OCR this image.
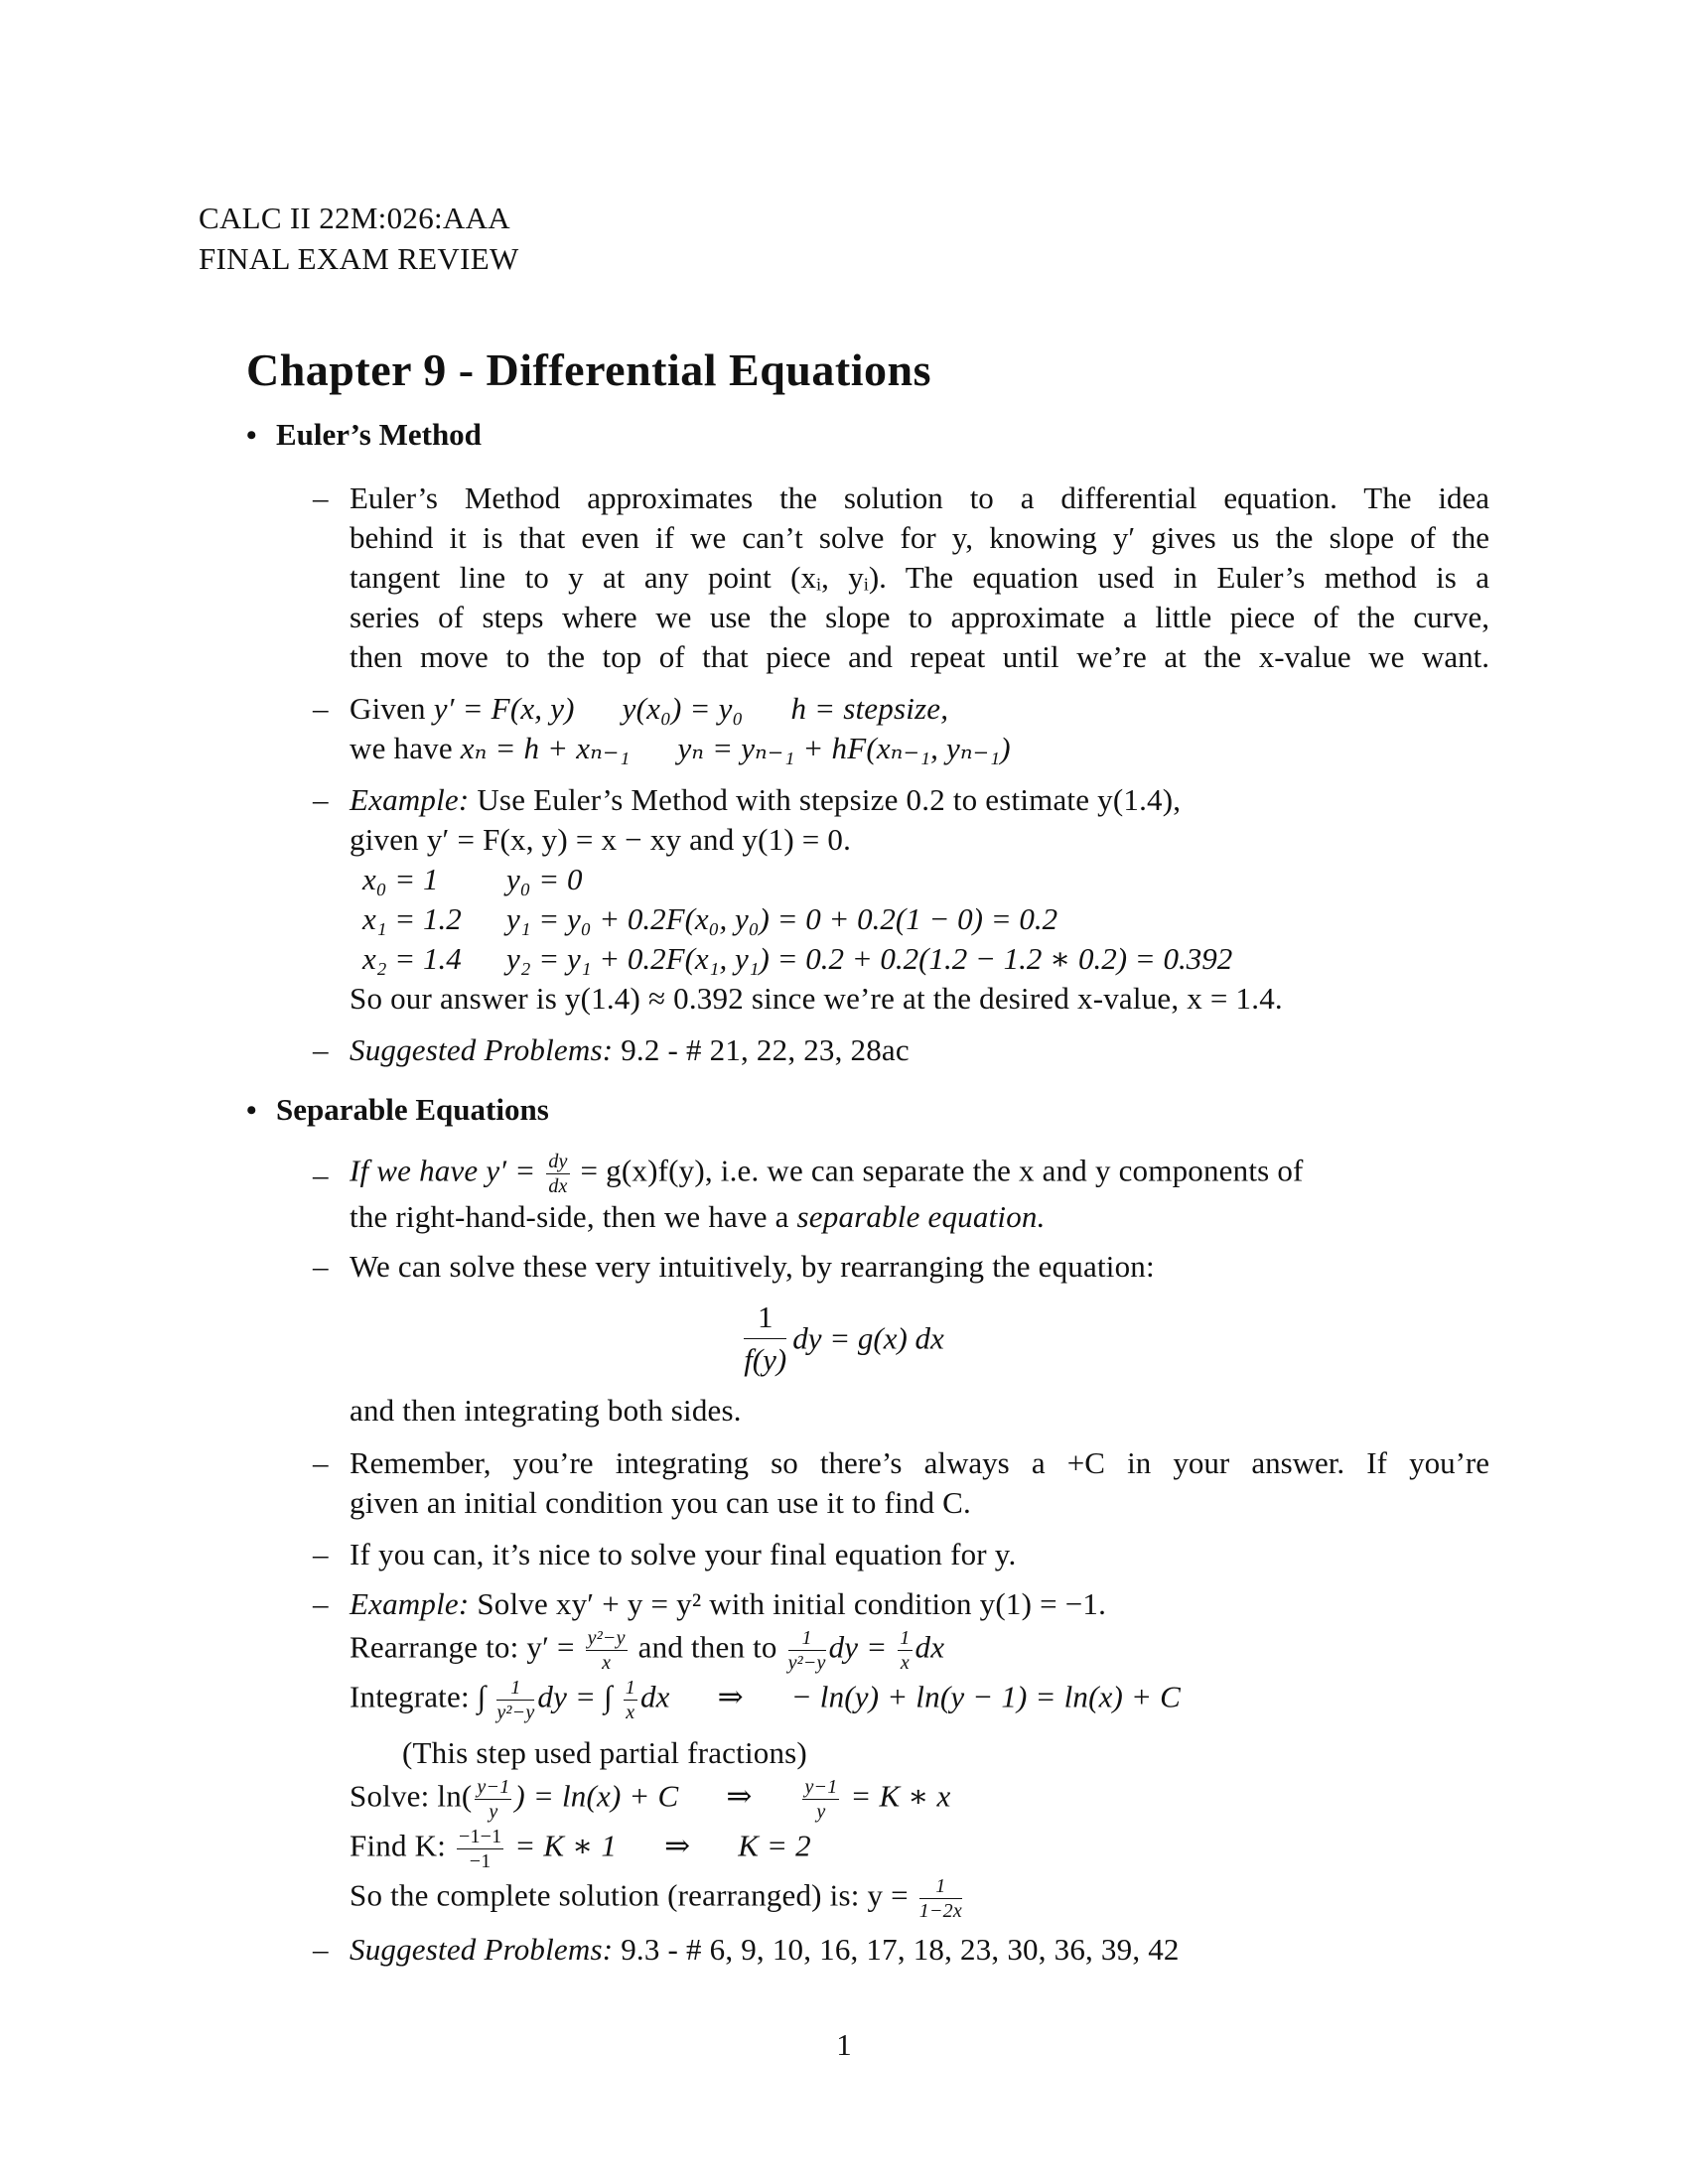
CALC II 22M:026:AAA
FINAL EXAM REVIEW
Chapter 9 - Differential Equations
• Euler’s Method
– Euler’s Method approximates the solution to a differential equation. The idea
behind it is that even if we can’t solve for y, knowing y′ gives us the slope of the
tangent line to y at any point (xᵢ, yᵢ). The equation used in Euler’s method is a
series of steps where we use the slope to approximate a little piece of the curve,
then move to the top of that piece and repeat until we’re at the x-value we want.
– Given y′ = F(x, y) y(x₀) = y₀ h = stepsize,
we have xₙ = h + xₙ₋₁ yₙ = yₙ₋₁ + hF(xₙ₋₁, yₙ₋₁)
– Example: Use Euler’s Method with stepsize 0.2 to estimate y(1.4),
given y′ = F(x, y) = x − xy and y(1) = 0.
x₀ = 1 y₀ = 0
x₁ = 1.2 y₁ = y₀ + 0.2F(x₀, y₀) = 0 + 0.2(1 − 0) = 0.2
x₂ = 1.4 y₂ = y₁ + 0.2F(x₁, y₁) = 0.2 + 0.2(1.2 − 1.2 ∗ 0.2) = 0.392
So our answer is y(1.4) ≈ 0.392 since we’re at the desired x-value, x = 1.4.
– Suggested Problems: 9.2 - # 21, 22, 23, 28ac
• Separable Equations
– If we have $y' = \frac{dy}{dx} = g(x)f(y)$, i.e. we can separate the x and y components of
the right-hand-side, then we have a separable equation.
– We can solve these very intuitively, by rearranging the equation:
$\frac{1}{f(y)}$ dy = g(x) dx
and then integrating both sides.
– Remember, you’re integrating so there’s always a +C in your answer. If you’re
given an initial condition you can use it to find C.
– If you can, it’s nice to solve your final equation for y.
– Example: Solve xy′ + y = y² with initial condition y(1) = −1.
Rearrange to: $y' = \frac{\text{y²−y}}{x}$ and then to $\frac{1}{\text{y²−y}}$ dy = $\frac{1}{x}$ dx
Integrate: ∫ $\frac{1}{\text{y²−y}}$ dy = ∫ $\frac{1}{x}$ dx ⇒ − ln(y) + ln(y − 1) = ln(x) + C
(This step used partial fractions)
Solve: $\ln( \frac{y-1}{y}$ ) = ln(x) + C ⇒	$\frac{y-1}{y} = K$ ∗ x
Find K: $\frac{-1-1}{-1} = K$ ∗ 1 ⇒ K = 2
So the complete solution (rearranged) is: $y = \frac{1}{1-2x}$
– Suggested Problems: 9.3 - # 6, 9, 10, 16, 17, 18, 23, 30, 36, 39, 42
1
